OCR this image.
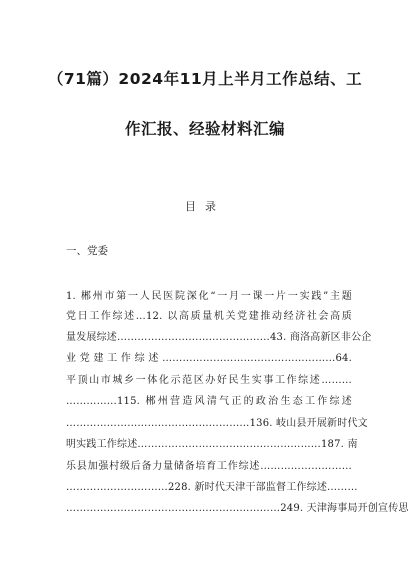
（71篇）2024年11月上半月工作总结、工
作汇报、经验材料汇编
目录
一、党委
1. 郴州市第一人民医院深化“一月一课一片一实践”主题
党日工作综述…12. 以高质量机关党建推动经济社会高质
量发展综述………………………………………43. 商洛高新区非公企
业党建工作综述……………………………………………64.
平顶山市城乡一体化示范区办好民生实事工作综述………
……………115. 郴州营造风清气正的政治生态工作综述
………………………………………………136. 岐山县开展新时代文
明实践工作综述………………………………………………187. 南
乐县加强村级后备力量储备培育工作综述………………………
…………………………228. 新时代天津干部监督工作综述………
………………………………………………………249. 天津海事局开创宣传思
